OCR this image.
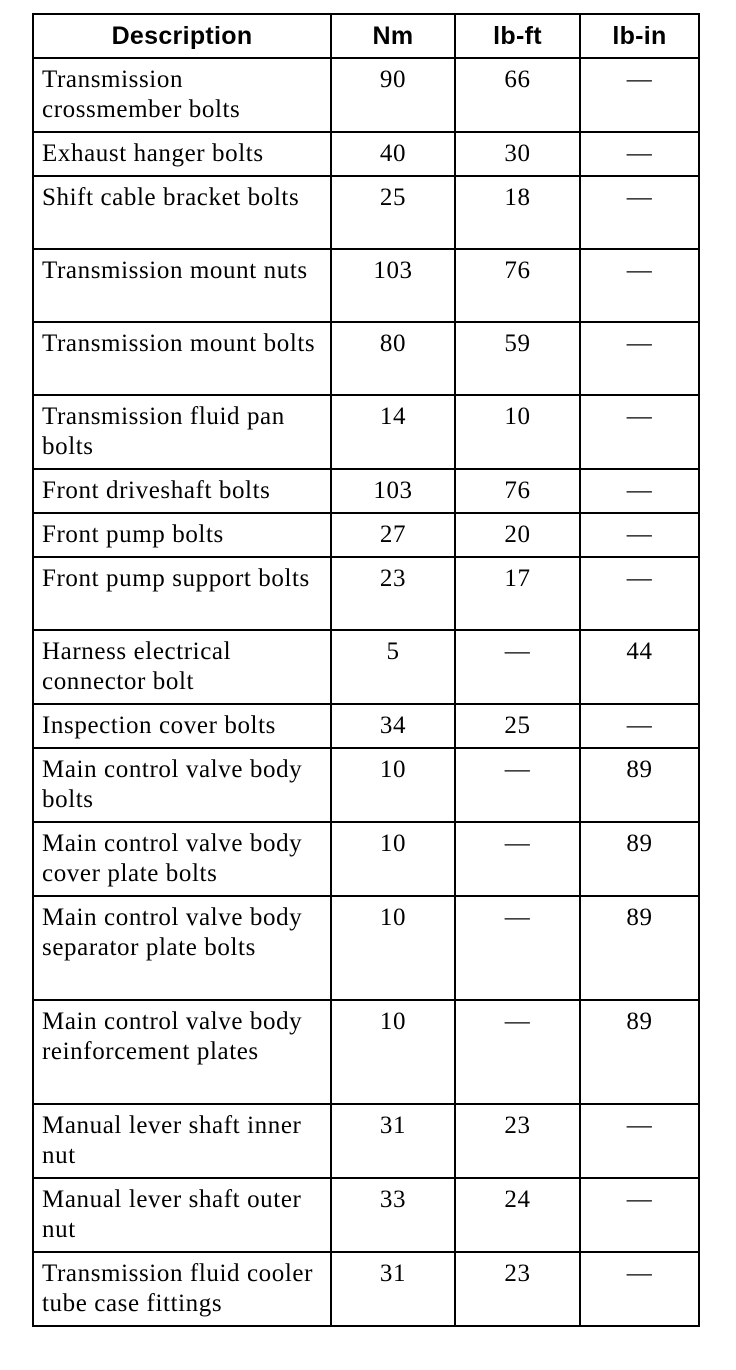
Description	Nm	lb-ft	lb-in
Transmission crossmember bolts	90	66	—
Exhaust hanger bolts	40	30	—
Shift cable bracket bolts	25	18	—
Transmission mount nuts	103	76	—
Transmission mount bolts	80	59	—
Transmission fluid pan bolts	14	10	—
Front driveshaft bolts	103	76	—
Front pump bolts	27	20	—
Front pump support bolts	23	17	—
Harness electrical connector bolt	5	—	44
Inspection cover bolts	34	25	—
Main control valve body bolts	10	—	89
Main control valve body cover plate bolts	10	—	89
Main control valve body separator plate bolts	10	—	89
Main control valve body reinforcement plates	10	—	89
Manual lever shaft inner nut	31	23	—
Manual lever shaft outer nut	33	24	—
Transmission fluid cooler tube case fittings	31	23	—
